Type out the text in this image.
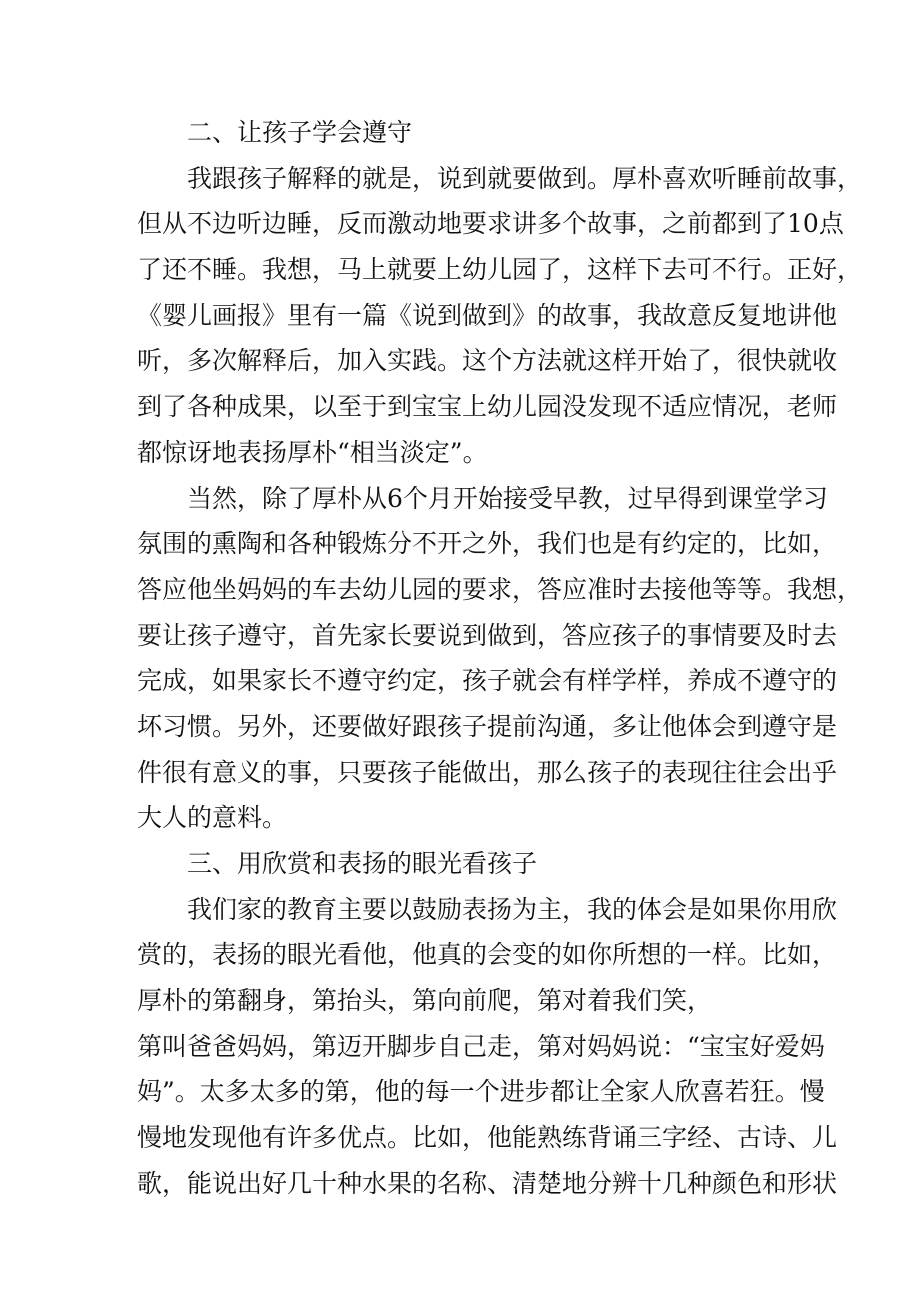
二、让孩子学会遵守
我跟孩子解释的就是，说到就要做到。厚朴喜欢听睡前故事，
但从不边听边睡，反而激动地要求讲多个故事，之前都到了10点
了还不睡。我想，马上就要上幼儿园了，这样下去可不行。正好，
《婴儿画报》里有一篇《说到做到》的故事，我故意反复地讲他
听，多次解释后，加入实践。这个方法就这样开始了，很快就收
到了各种成果，以至于到宝宝上幼儿园没发现不适应情况，老师
都惊讶地表扬厚朴“相当淡定”。
当然，除了厚朴从6个月开始接受早教，过早得到课堂学习
氛围的熏陶和各种锻炼分不开之外，我们也是有约定的，比如，
答应他坐妈妈的车去幼儿园的要求，答应准时去接他等等。我想，
要让孩子遵守，首先家长要说到做到，答应孩子的事情要及时去
完成，如果家长不遵守约定，孩子就会有样学样，养成不遵守的
坏习惯。另外，还要做好跟孩子提前沟通，多让他体会到遵守是
件很有意义的事，只要孩子能做出，那么孩子的表现往往会出乎
大人的意料。
三、用欣赏和表扬的眼光看孩子
我们家的教育主要以鼓励表扬为主，我的体会是如果你用欣
赏的，表扬的眼光看他，他真的会变的如你所想的一样。比如，
厚朴的第翻身，第抬头，第向前爬，第对着我们笑，
第叫爸爸妈妈，第迈开脚步自己走，第对妈妈说：“宝宝好爱妈
妈”。太多太多的第，他的每一个进步都让全家人欣喜若狂。慢
慢地发现他有许多优点。比如，他能熟练背诵三字经、古诗、儿
歌，能说出好几十种水果的名称、清楚地分辨十几种颜色和形状
